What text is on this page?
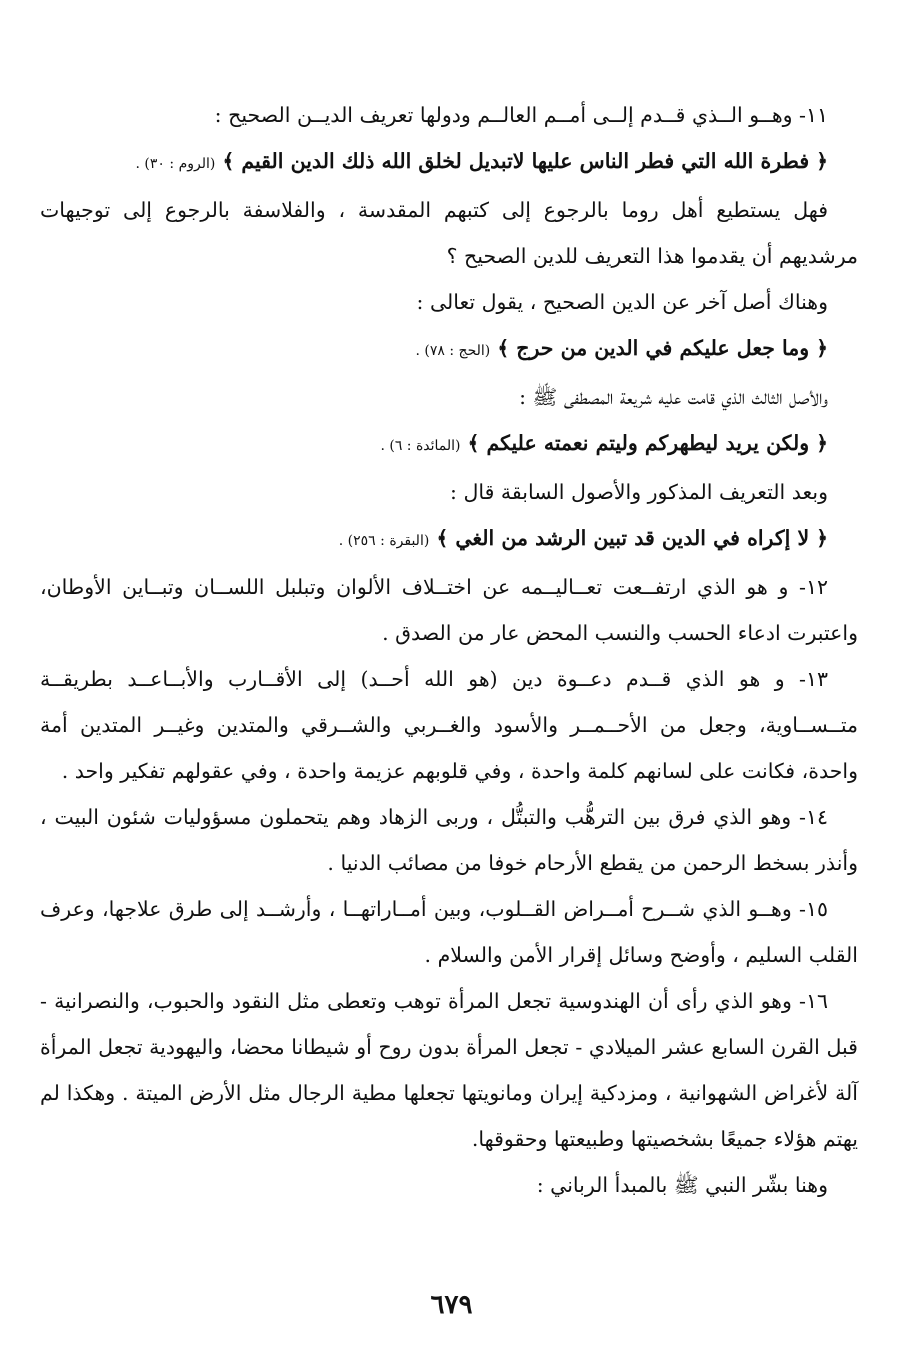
١١- وهــو الــذي قــدم إلــى أمــم العالــم ودولها تعريف الديــن الصحيح :

﴿ فطرة الله التي فطر الناس عليها لاتبديل لخلق الله ذلك الدين القيم ﴾ (الروم : ٣٠) .

فهل يستطيع أهل روما بالرجوع إلى كتبهم المقدسة ، والفلاسفة بالرجوع إلى توجيهات مرشديهم أن يقدموا هذا التعريف للدين الصحيح ؟

وهناك أصل آخر عن الدين الصحيح ، يقول تعالى :

﴿ وما جعل عليكم في الدين من حرج ﴾ (الحج : ٧٨) .

والأصل الثالث الذي قامت عليه شريعة المصطفى ﷺ :

﴿ ولكن يريد ليطهركم وليتم نعمته عليكم ﴾ (المائدة : ٦) .

وبعد التعريف المذكور والأصول السابقة قال :

﴿ لا إكراه في الدين قد تبين الرشد من الغي ﴾ (البقرة : ٢٥٦) .

١٢- و هو الذي ارتفــعت تعــاليــمه عن اختــلاف الألوان وتبلبل اللســان وتبــاين الأوطان، واعتبرت ادعاء الحسب والنسب المحض عار من الصدق .

١٣- و هو الذي قــدم دعــوة دين (هو الله أحــد) إلى الأقــارب والأبــاعــد بطريقــة متــســاوية، وجعل من الأحــمــر والأسود والغــربي والشــرقي والمتدين وغيــر المتدين أمة واحدة، فكانت على لسانهم كلمة واحدة ، وفي قلوبهم عزيمة واحدة ، وفي عقولهم تفكير واحد .

١٤- وهو الذي فرق بين الترهُّب والتبتُّل ، وربى الزهاد وهم يتحملون مسؤوليات شئون البيت ، وأنذر بسخط الرحمن من يقطع الأرحام خوفا من مصائب الدنيا .

١٥- وهــو الذي شــرح أمــراض القــلوب، وبين أمــاراتهــا ، وأرشــد إلى طرق علاجها، وعرف القلب السليم ، وأوضح وسائل إقرار الأمن والسلام .

١٦- وهو الذي رأى أن الهندوسية تجعل المرأة توهب وتعطى مثل النقود والحبوب، والنصرانية - قبل القرن السابع عشر الميلادي - تجعل المرأة بدون روح أو شيطانا محضا، واليهودية تجعل المرأة آلة لأغراض الشهوانية ، ومزدكية إيران ومانويتها تجعلها مطية الرجال مثل الأرض الميتة . وهكذا لم يهتم هؤلاء جميعًا بشخصيتها وطبيعتها وحقوقها.

وهنا بشّر النبي ﷺ بالمبدأ الرباني :

٦٧٩
